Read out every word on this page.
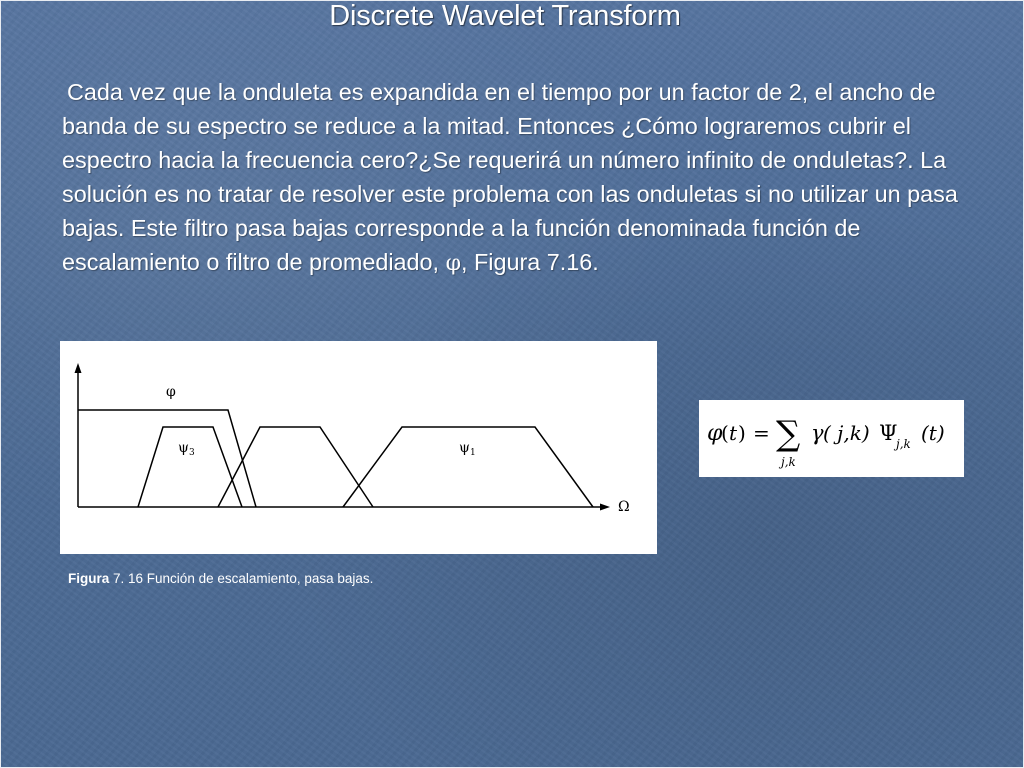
Discrete Wavelet Transform
Cada vez que la onduleta es expandida en el tiempo por un factor de 2, el ancho de banda de su espectro se reduce a la mitad. Entonces ¿Cómo lograremos cubrir el espectro hacia la frecuencia cero?¿Se requerirá un número infinito de onduletas?. La solución es no tratar de resolver este problema con las onduletas si no utilizar un pasa bajas. Este filtro pasa bajas corresponde a la función denominada función de escalamiento o filtro de promediado, φ, Figura 7.16.
φ
$\psi_3$	$\psi_1$
Ω
φ
( t ) = ∑
j,k
γ ( j,k) Ψ
j,k (t)
Figura 7. 16 Función de escalamiento, pasa bajas.
